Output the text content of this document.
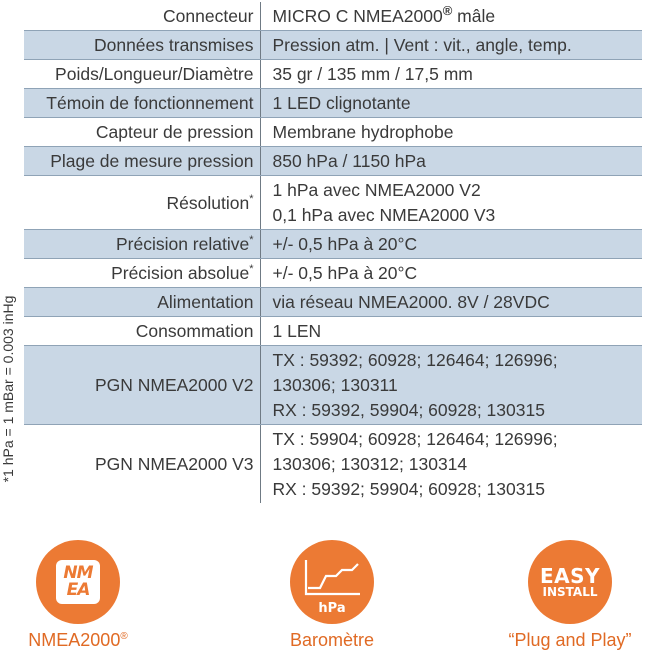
Connecteur	MICRO C NMEA2000® mâle
Données transmises	Pression atm. | Vent : vit., angle, temp.
Poids/Longueur/Diamètre	35 gr / 135 mm / 17,5 mm
Témoin de fonctionnement	1 LED clignotante
Capteur de pression	Membrane hydrophobe
Plage de mesure pression	850 hPa / 1150 hPa
Résolution*	1 hPa avec NMEA2000 V2
0,1 hPa avec NMEA2000 V3

Précision relative*	+/- 0,5 hPa à 20°C
Précision absolue*	+/- 0,5 hPa à 20°C
Alimentation	via réseau NMEA2000. 8V / 28VDC
Consommation	1 LEN
PGN NMEA2000 V2	TX : 59392; 60928; 126464; 126996;
130306; 130311
RX : 59392, 59904; 60928; 130315

PGN NMEA2000 V3	TX : 59904; 60928; 126464; 126996;
130306; 130312; 130314
RX : 59392; 59904; 60928; 130315
*1 hPa = 1 mBar = 0.003 inHg
NM
EA
NMEA2000®
hPa
Baromètre
EASY
INSTALL
“Plug and Play”
